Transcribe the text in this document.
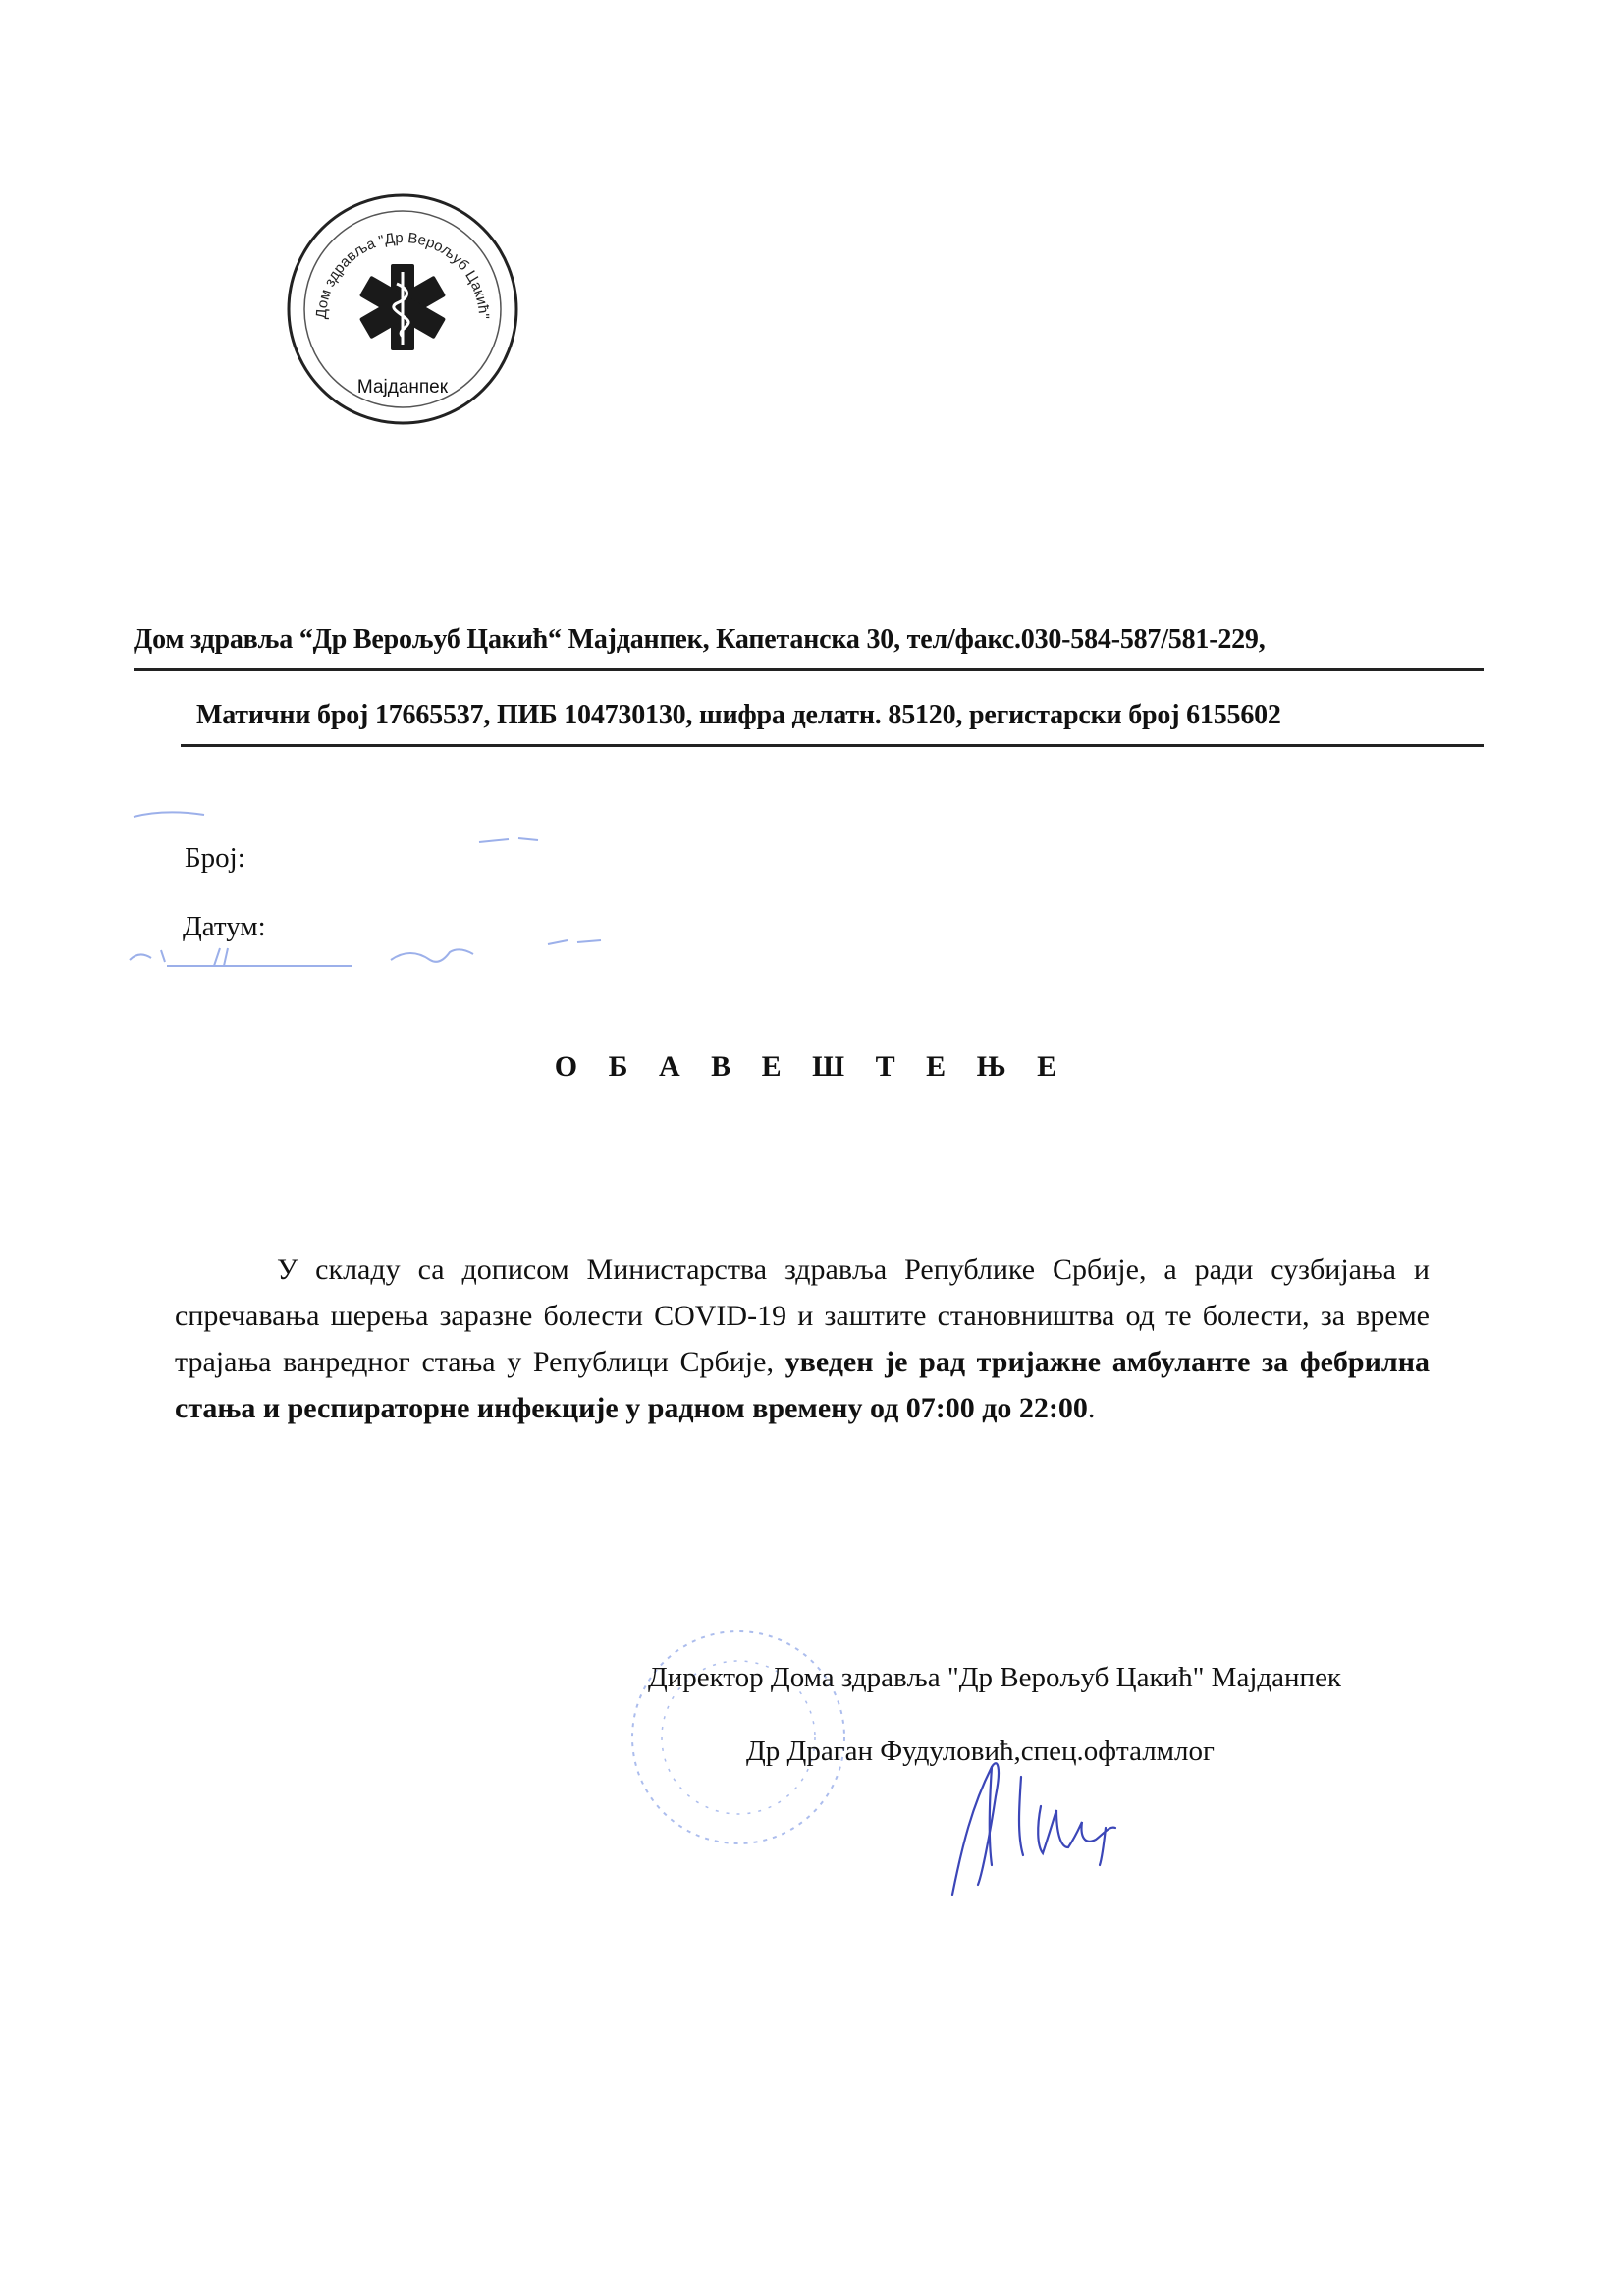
Дом здравља "Др Верољуб Цакић"
Мајданпек
Дом здравља “Др Верољуб Цакић“ Мајданпек, Капетанска 30, тел/факс.030-584-587/581-229,
Матични број 17665537, ПИБ 104730130, шифра делатн. 85120, регистарски број 6155602
Број:
Датум:
О Б А В Е Ш Т Е Њ Е
У складу са дописом Министарства здравља Републике Србије, а ради сузбијања и спречавања шерења заразне болести COVID-19 и заштите становништва од те болести, за време трајања ванредног стања у Републици Србије, уведен је рад тријажне амбуланте за фебрилна стања и респираторне инфекције у радном времену од 07:00 до 22:00.
Директор Дома здравља "Др Верољуб Цакић" Мајданпек
Др Драган Фудуловић,спец.офталмлог
